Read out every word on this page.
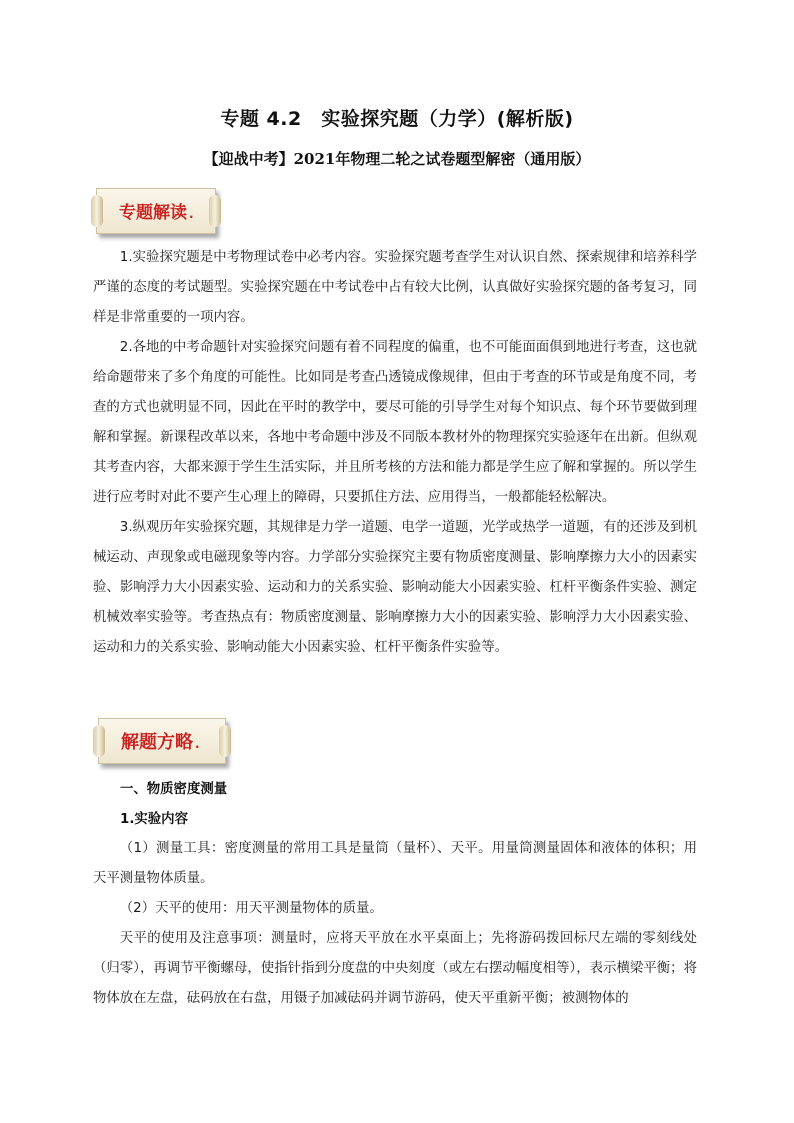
专题 4.2　实验探究题（力学）(解析版)
【迎战中考】2021年物理二轮之试卷题型解密（通用版）
专题解读 .

1.实验探究题是中考物理试卷中必考内容。实验探究题考查学生对认识自然、探索规律和培养科学严谨的态度的考试题型。实验探究题在中考试卷中占有较大比例，认真做好实验探究题的备考复习，同样是非常重要的一项内容。

2.各地的中考命题针对实验探究问题有着不同程度的偏重，也不可能面面俱到地进行考查，这也就给命题带来了多个角度的可能性。比如同是考查凸透镜成像规律，但由于考查的环节或是角度不同，考查的方式也就明显不同，因此在平时的教学中，要尽可能的引导学生对每个知识点、每个环节要做到理解和掌握。新课程改革以来，各地中考命题中涉及不同版本教材外的物理探究实验逐年在出新。但纵观其考查内容，大都来源于学生生活实际，并且所考核的方法和能力都是学生应了解和掌握的。所以学生进行应考时对此不要产生心理上的障碍，只要抓住方法、应用得当，一般都能轻松解决。

3.纵观历年实验探究题，其规律是力学一道题、电学一道题，光学或热学一道题，有的还涉及到机械运动、声现象或电磁现象等内容。力学部分实验探究主要有物质密度测量、影响摩擦力大小的因素实验、影响浮力大小因素实验、运动和力的关系实验、影响动能大小因素实验、杠杆平衡条件实验、测定机械效率实验等。考查热点有：物质密度测量、影响摩擦力大小的因素实验、影响浮力大小因素实验、运动和力的关系实验、影响动能大小因素实验、杠杆平衡条件实验等。

解题方略 .
一、物质密度测量
1.实验内容

（1）测量工具：密度测量的常用工具是量筒（量杯）、天平。用量筒测量固体和液体的体积；用天平测量物体质量。

（2）天平的使用：用天平测量物体的质量。

天平的使用及注意事项：测量时，应将天平放在水平桌面上；先将游码拨回标尺左端的零刻线处（归零），再调节平衡螺母，使指针指到分度盘的中央刻度（或左右摆动幅度相等），表示横梁平衡；将物体放在左盘，砝码放在右盘，用镊子加减砝码并调节游码，使天平重新平衡；被测物体的
